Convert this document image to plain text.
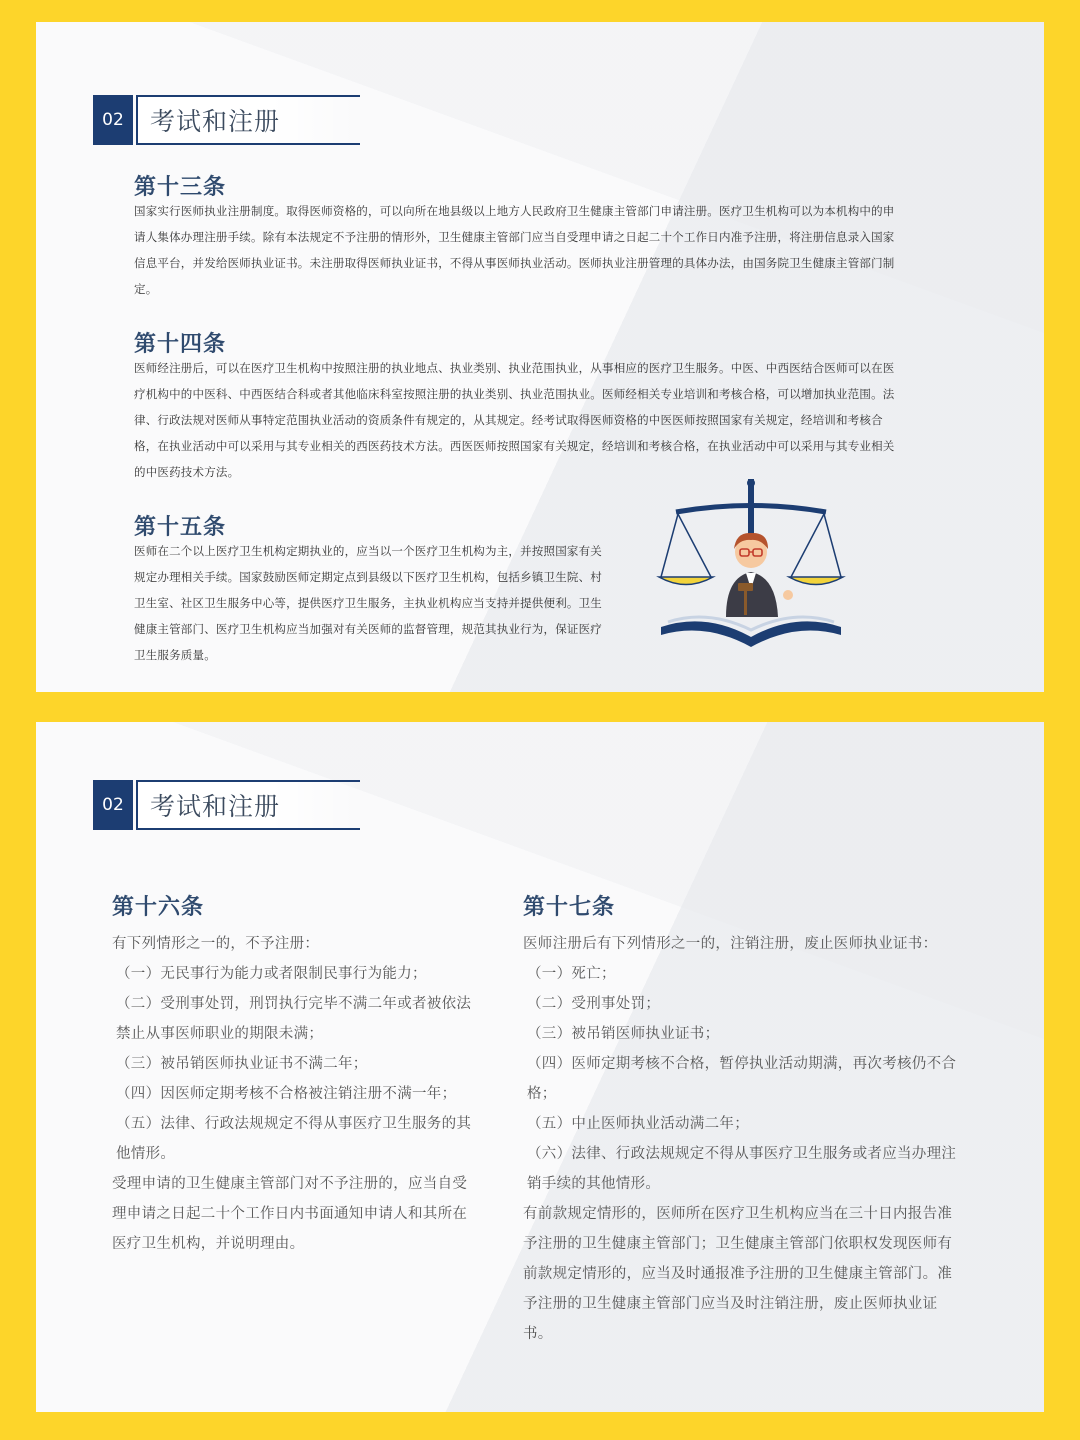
02	考试和注册
第十三条

国家实行医师执业注册制度。取得医师资格的，可以向所在地县级以上地方人民政府卫生健康主管部门申请注册。医疗卫生机构可以为本机构中的申请人集体办理注册手续。除有本法规定不予注册的情形外，卫生健康主管部门应当自受理申请之日起二十个工作日内准予注册，将注册信息录入国家信息平台，并发给医师执业证书。未注册取得医师执业证书，不得从事医师执业活动。医师执业注册管理的具体办法，由国务院卫生健康主管部门制定。

第十四条

医师经注册后，可以在医疗卫生机构中按照注册的执业地点、执业类别、执业范围执业，从事相应的医疗卫生服务。中医、中西医结合医师可以在医疗机构中的中医科、中西医结合科或者其他临床科室按照注册的执业类别、执业范围执业。医师经相关专业培训和考核合格，可以增加执业范围。法律、行政法规对医师从事特定范围执业活动的资质条件有规定的，从其规定。经考试取得医师资格的中医医师按照国家有关规定，经培训和考核合格，在执业活动中可以采用与其专业相关的西医药技术方法。西医医师按照国家有关规定，经培训和考核合格，在执业活动中可以采用与其专业相关的中医药技术方法。

第十五条

医师在二个以上医疗卫生机构定期执业的，应当以一个医疗卫生机构为主，并按照国家有关规定办理相关手续。国家鼓励医师定期定点到县级以下医疗卫生机构，包括乡镇卫生院、村卫生室、社区卫生服务中心等，提供医疗卫生服务，主执业机构应当支持并提供便利。卫生健康主管部门、医疗卫生机构应当加强对有关医师的监督管理，规范其执业行为，保证医疗卫生服务质量。

02	考试和注册
第十六条

有下列情形之一的，不予注册：

（一）无民事行为能力或者限制民事行为能力；

（二）受刑事处罚，刑罚执行完毕不满二年或者被依法禁止从事医师职业的期限未满；

（三）被吊销医师执业证书不满二年；

（四）因医师定期考核不合格被注销注册不满一年；

（五）法律、行政法规规定不得从事医疗卫生服务的其他情形。

受理申请的卫生健康主管部门对不予注册的，应当自受理申请之日起二十个工作日内书面通知申请人和其所在医疗卫生机构，并说明理由。

第十七条

医师注册后有下列情形之一的，注销注册，废止医师执业证书：

（一）死亡；

（二）受刑事处罚；

（三）被吊销医师执业证书；

（四）医师定期考核不合格，暂停执业活动期满，再次考核仍不合格；

（五）中止医师执业活动满二年；

（六）法律、行政法规规定不得从事医疗卫生服务或者应当办理注销手续的其他情形。

有前款规定情形的，医师所在医疗卫生机构应当在三十日内报告准予注册的卫生健康主管部门；卫生健康主管部门依职权发现医师有前款规定情形的，应当及时通报准予注册的卫生健康主管部门。准予注册的卫生健康主管部门应当及时注销注册，废止医师执业证书。
